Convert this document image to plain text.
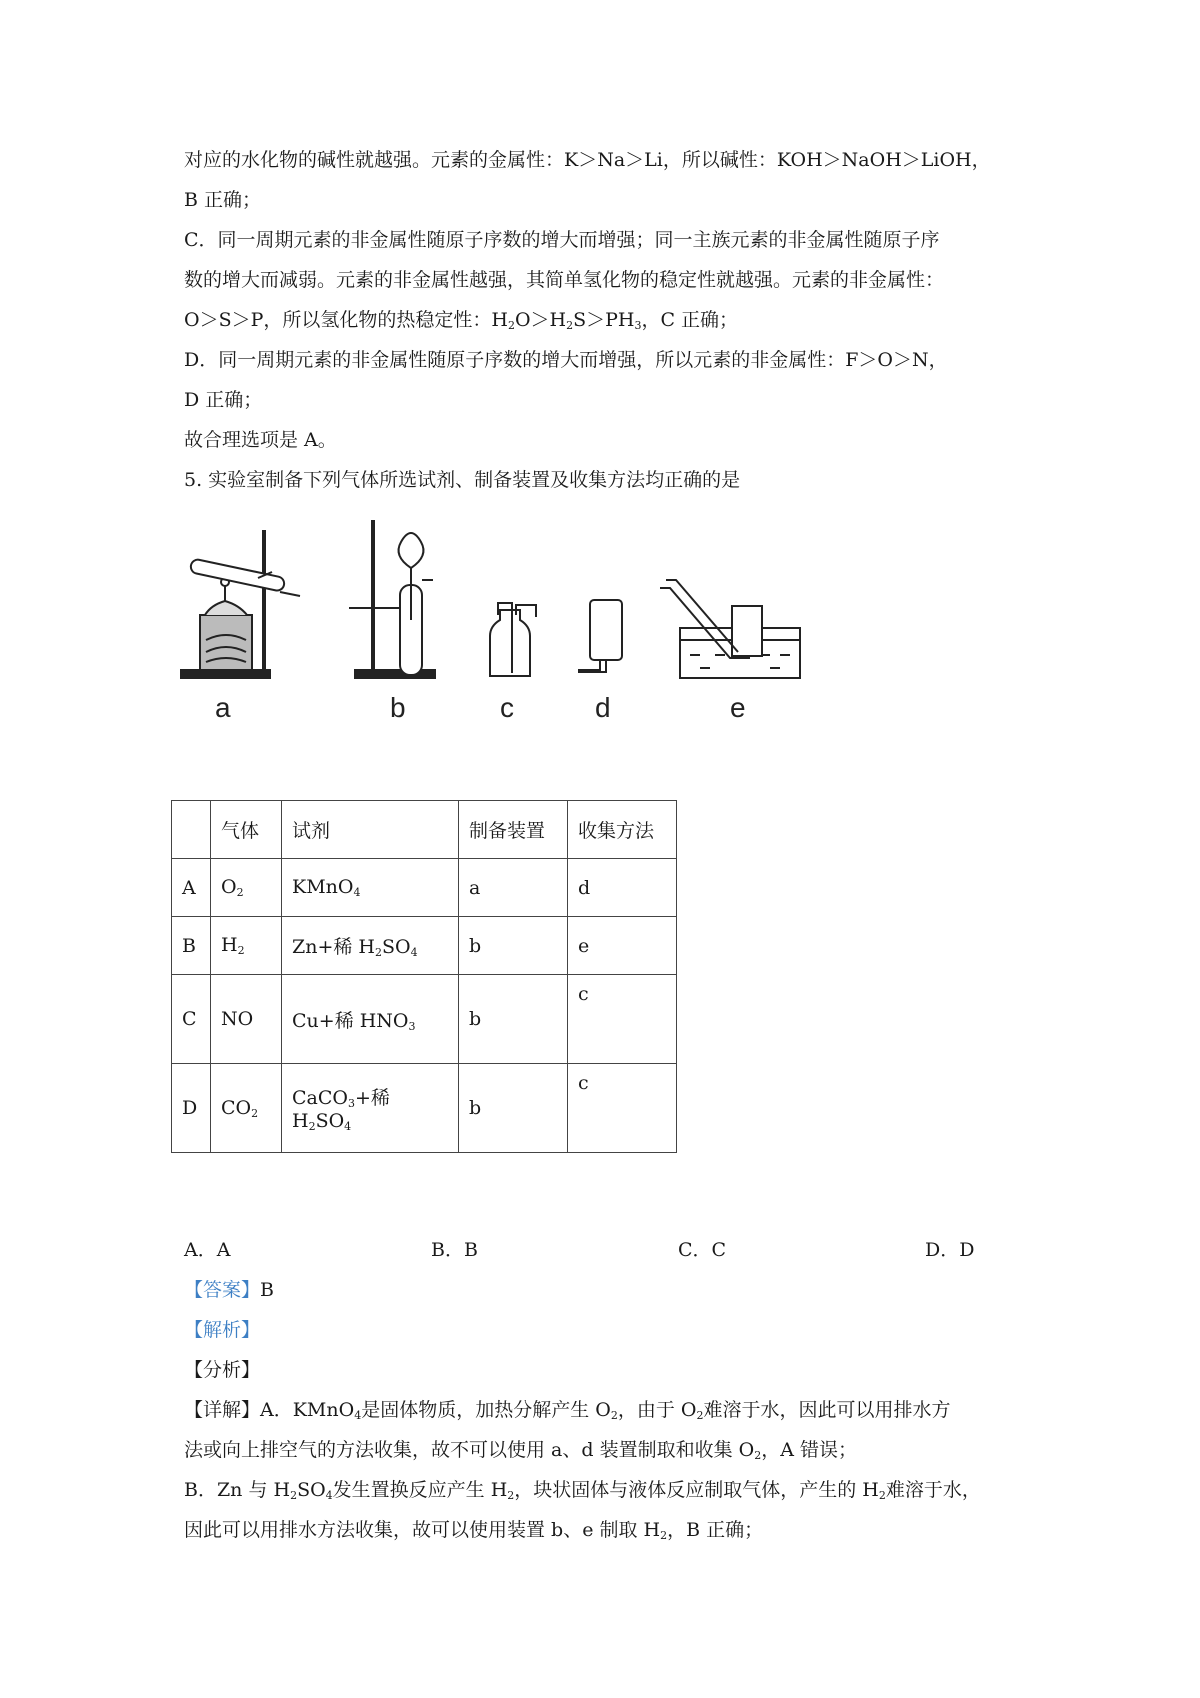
对应的水化物的碱性就越强。元素的金属性：K＞Na＞Li，所以碱性：KOH＞NaOH＞LiOH，
B 正确；
C．同一周期元素的非金属性随原子序数的增大而增强；同一主族元素的非金属性随原子序
数的增大而减弱。元素的非金属性越强，其简单氢化物的稳定性就越强。元素的非金属性：
O＞S＞P，所以氢化物的热稳定性：$H_2O>H_2S>PH_3$，C 正确；
D．同一周期元素的非金属性随原子序数的增大而增强，所以元素的非金属性：F＞O＞N，
D 正确；
故合理选项是 A。
5. 实验室制备下列气体所选试剂、制备装置及收集方法均正确的是
a	b	c	d	e
	气体	试剂	制备装置	收集方法
A	$O_2$	KMnO$_4$	a	d
B	$H_2$	Zn+稀 $H_2SO_4$	b	e
C	NO	Cu+稀 $HNO_3$	b	c

D	$CO_2$	CaCO$_3$+稀 $H_2SO_4$	b	c
A．A	B．B	C．C	D．D
【答案】B
【解析】
【分析】
【详解】A．KMnO$_4$是固体物质，加热分解产生 $O_2$，由于 $O_2$难溶于水，因此可以用排水方
法或向上排空气的方法收集，故不可以使用 a、d 装置制取和收集 $O_2$，A 错误；
B．Zn 与 $H_2SO_4$发生置换反应产生 $H_2$，块状固体与液体反应制取气体，产生的 $H_2$难溶于水，
因此可以用排水方法收集，故可以使用装置 b、e 制取 $H_2$，B 正确；
